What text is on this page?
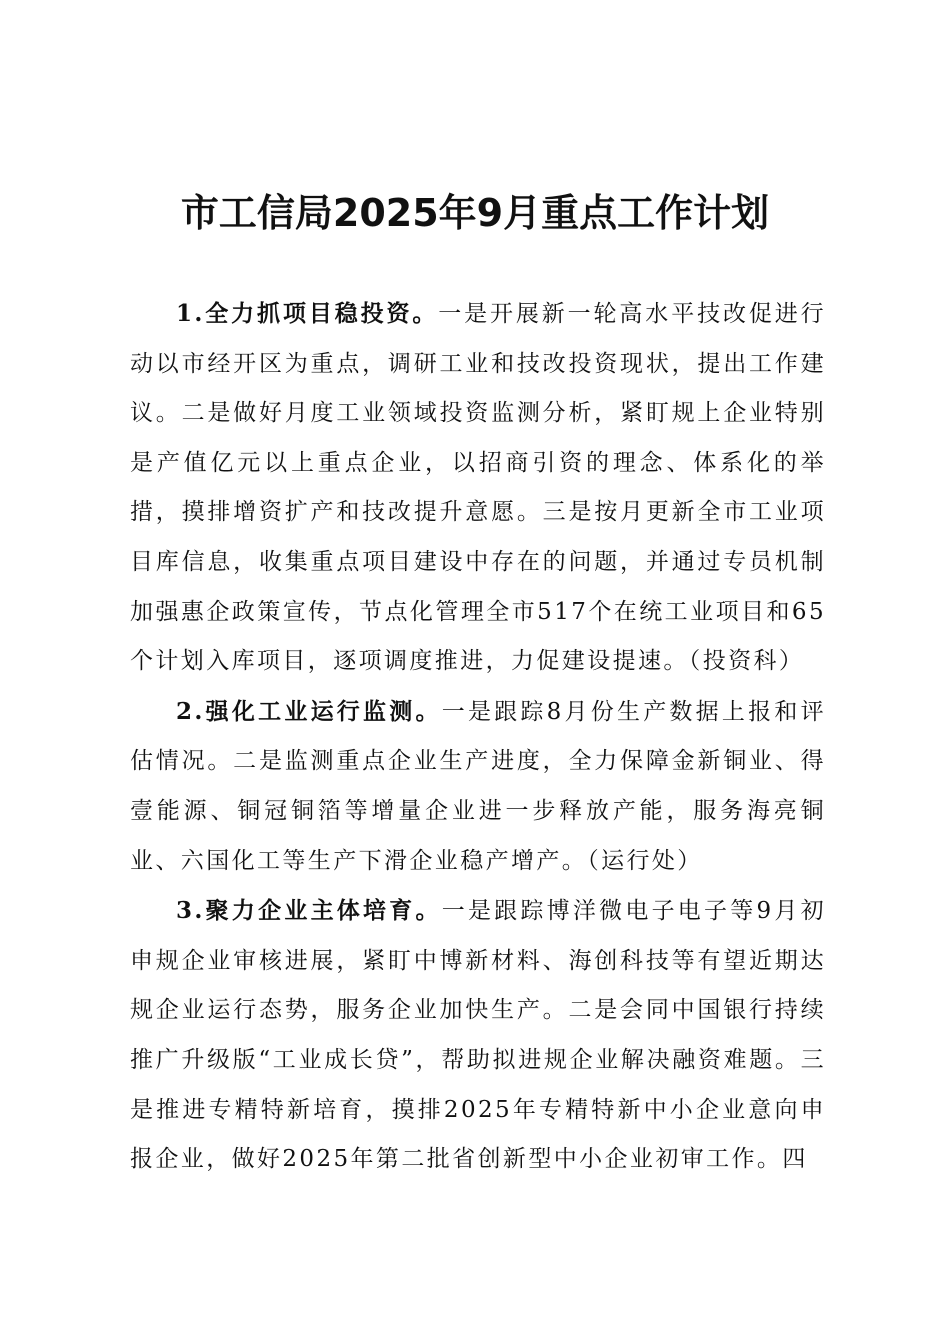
市工信局2025年9月重点工作计划

1.全力抓项目稳投资。一是开展新一轮高水平技改促进行动以市经开区为重点，调研工业和技改投资现状，提出工作建议。二是做好月度工业领域投资监测分析，紧盯规上企业特别是产值亿元以上重点企业，以招商引资的理念、体系化的举措，摸排增资扩产和技改提升意愿。三是按月更新全市工业项目库信息，收集重点项目建设中存在的问题，并通过专员机制加强惠企政策宣传，节点化管理全市517个在统工业项目和65个计划入库项目，逐项调度推进，力促建设提速。（投资科）

2.强化工业运行监测。一是跟踪8月份生产数据上报和评估情况。二是监测重点企业生产进度，全力保障金新铜业、得壹能源、铜冠铜箔等增量企业进一步释放产能，服务海亮铜业、六国化工等生产下滑企业稳产增产。（运行处）

3.聚力企业主体培育。一是跟踪博洋微电子电子等9月初申规企业审核进展，紧盯中博新材料、海创科技等有望近期达规企业运行态势，服务企业加快生产。二是会同中国银行持续推广升级版“工业成长贷”，帮助拟进规企业解决融资难题。三是推进专精特新培育，摸排2025年专精特新中小企业意向申报企业，做好2025年第二批省创新型中小企业初审工作。四
